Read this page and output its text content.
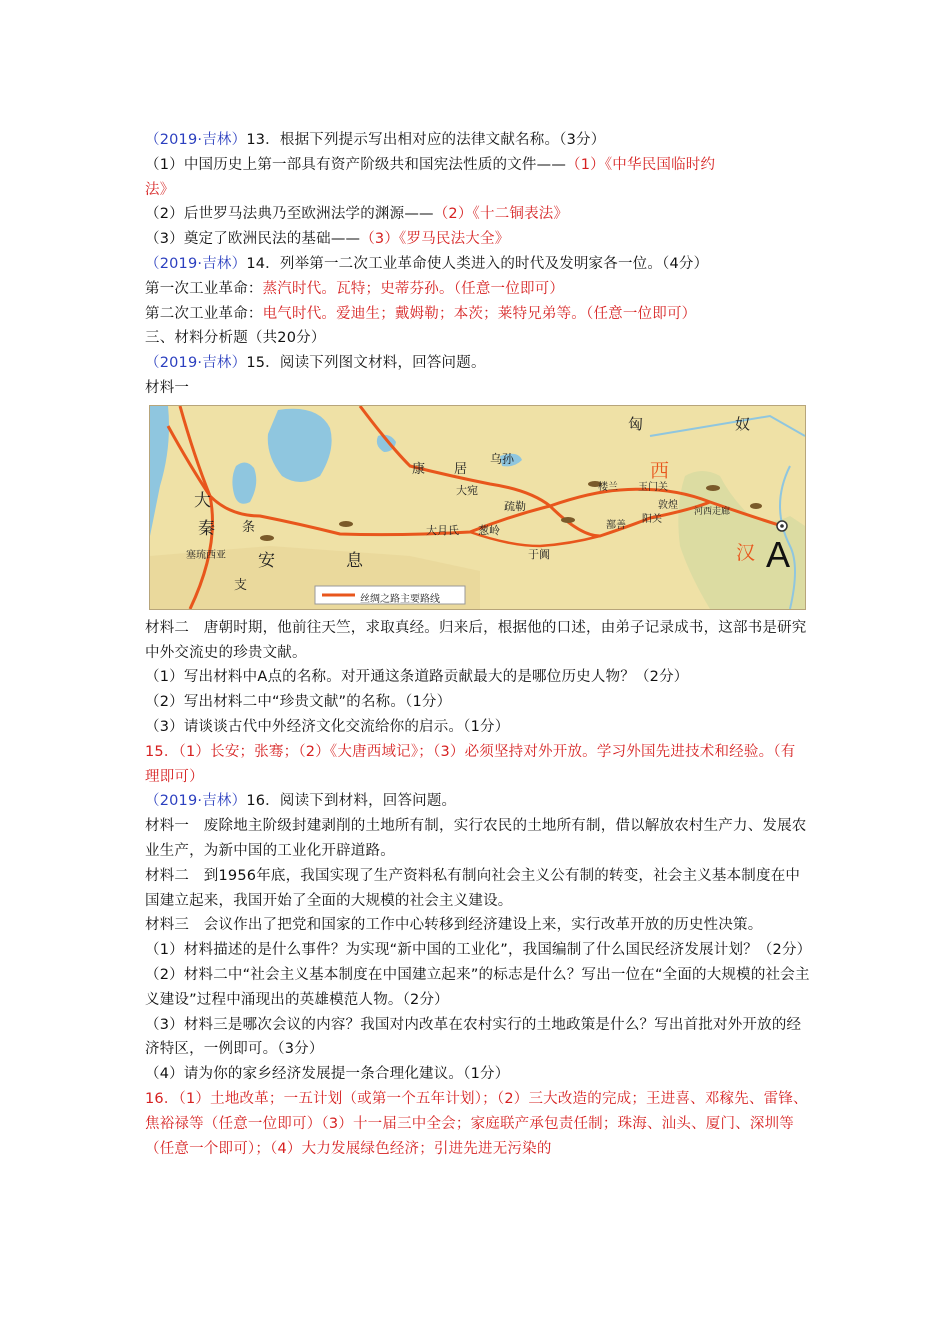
（2019·吉林）13．根据下列提示写出相对应的法律文献名称。（3分）
（1）中国历史上第一部具有资产阶级共和国宪法性质的文件——（1）《中华民国临时约
法》
（2）后世罗马法典乃至欧洲法学的渊源——（2）《十二铜表法》
（3）奠定了欧洲民法的基础——（3）《罗马民法大全》
（2019·吉林）14．列举第一二次工业革命使人类进入的时代及发明家各一位。（4分）
第一次工业革命：蒸汽时代。瓦特；史蒂芬孙。（任意一位即可）
第二次工业革命：电气时代。爱迪生；戴姆勒；本茨；莱特兄弟等。（任意一位即可）
三、材料分析题（共20分）
（2019·吉林）15．阅读下列图文材料，回答问题。
材料一
匈	奴
大
秦 条
支
安	息
康 居
大宛
乌孙
疏勒
大月氏 葱岭
于阗
楼兰
鄯善
玉门关
阳关
敦煌
河西走廊
西
汉 A
塞琉西亚
丝绸之路主要路线
材料二　唐朝时期，他前往天竺，求取真经。归来后，根据他的口述，由弟子记录成书，这部书是研究中外交流史的珍贵文献。
（1）写出材料中A点的名称。对开通这条道路贡献最大的是哪位历史人物？（2分）
（2）写出材料二中“珍贵文献”的名称。（1分）
（3）请谈谈古代中外经济文化交流给你的启示。（1分）
15．（1）长安；张骞；（2）《大唐西域记》；（3）必须坚持对外开放。学习外国先进技术和经验。（有理即可）
（2019·吉林）16．阅读下到材料，回答问题。
材料一　废除地主阶级封建剥削的土地所有制，实行农民的土地所有制，借以解放农村生产力、发展农业生产，为新中国的工业化开辟道路。
材料二　到1956年底，我国实现了生产资料私有制向社会主义公有制的转变，社会主义基本制度在中国建立起来，我国开始了全面的大规模的社会主义建设。
材料三　会议作出了把党和国家的工作中心转移到经济建设上来，实行改革开放的历史性决策。
（1）材料描述的是什么事件？为实现“新中国的工业化”，我国编制了什么国民经济发展计划？（2分）
（2）材料二中“社会主义基本制度在中国建立起来”的标志是什么？写出一位在“全面的大规模的社会主义建设”过程中涌现出的英雄模范人物。（2分）
（3）材料三是哪次会议的内容？我国对内改革在农村实行的土地政策是什么？写出首批对外开放的经济特区，一例即可。（3分）
（4）请为你的家乡经济发展提一条合理化建议。（1分）
16．（1）土地改革；一五计划（或第一个五年计划）；（2）三大改造的完成；王进喜、邓稼先、雷锋、焦裕禄等（任意一位即可）（3）十一届三中全会；家庭联产承包责任制；珠海、汕头、厦门、深圳等（任意一个即可）；（4）大力发展绿色经济；引进先进无污染的
